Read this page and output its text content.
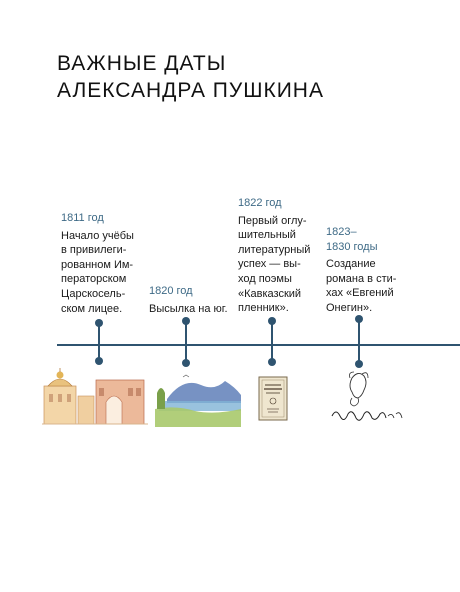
ВАЖНЫЕ ДАТЫ
АЛЕКСАНДРА ПУШКИНА
1811 год
Начало учёбы
в привилеги-
рованном Им-
ператорском
Царскосель-
ском лицее.
1820 год
Высылка на юг.
1822 год
Первый оглу-
шительный
литературный
успех — вы-
ход поэмы
«Кавказский
пленник».
1823–
1830 годы
Создание
романа в сти-
хах «Евгений
Онегин».
